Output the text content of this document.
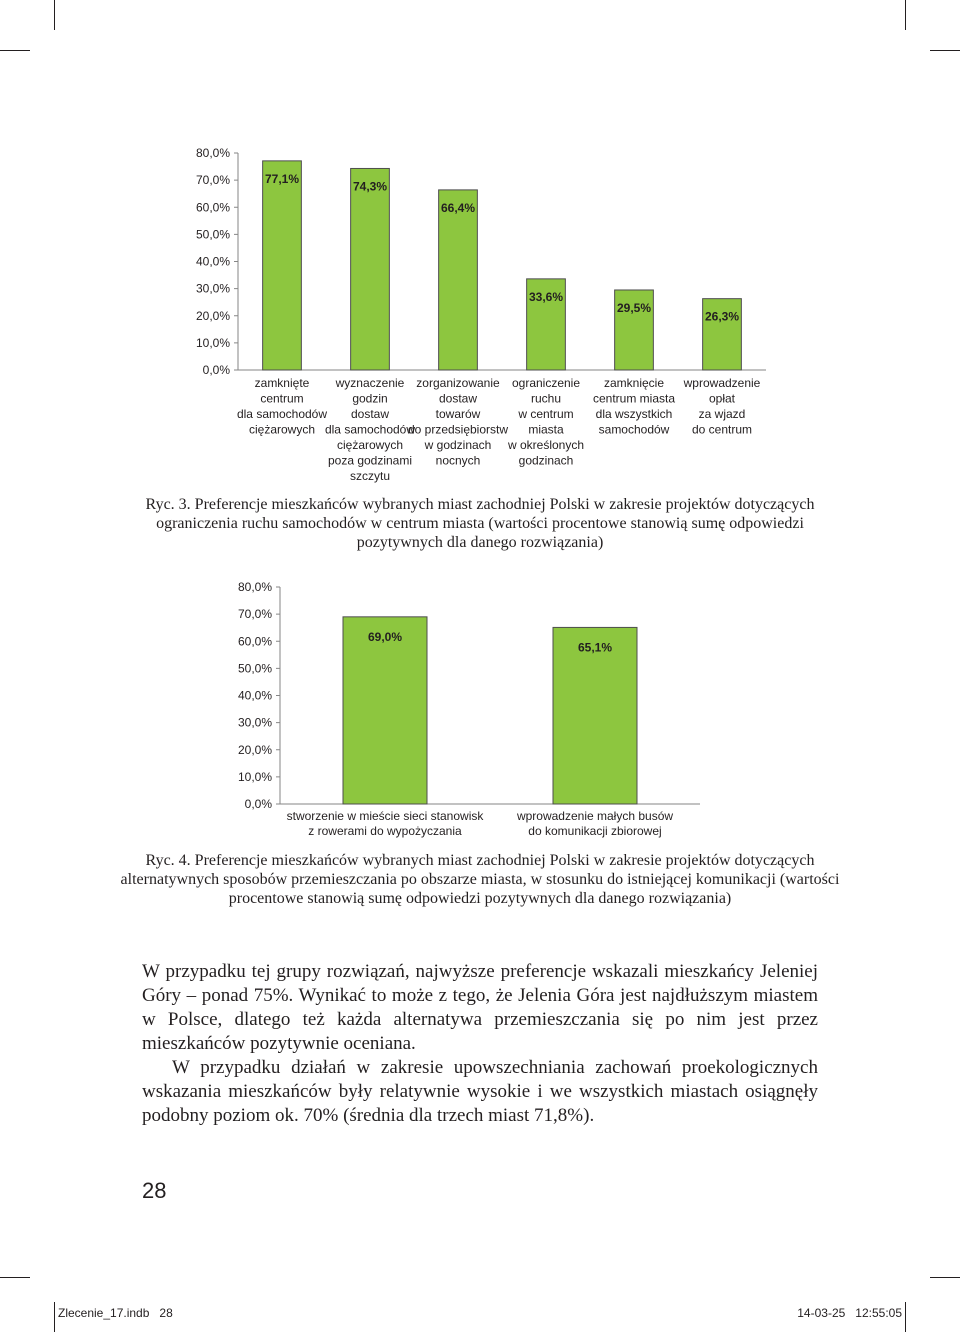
0,0%
10,0%
20,0%
30,0%
40,0%
50,0%
60,0%
70,0%
80,0%
77,1%
zamknięte
centrum
dla samochodów
ciężarowych
74,3%
wyznaczenie
godzin
dostaw
dla samochodów
ciężarowych
poza godzinami
szczytu
66,4%
zorganizowanie
dostaw
towarów
do przedsiębiorstw
w godzinach
nocnych
33,6%
ograniczenie
ruchu
w centrum
miasta
w określonych
godzinach
29,5%
zamknięcie
centrum miasta
dla wszystkich
samochodów
26,3%
wprowadzenie
opłat
za wjazd
do centrum

Ryc. 3. Preferencje mieszkańców wybranych miast zachodniej Polski w zakresie projektów dotyczących ograniczenia ruchu samochodów w centrum miasta (wartości procentowe stanowią sumę odpowiedzi pozytywnych dla danego rozwiązania)

0,0%
10,0%
20,0%
30,0%
40,0%
50,0%
60,0%
70,0%
80,0%
69,0%
stworzenie w mieście sieci stanowisk
z rowerami do wypożyczania
65,1%
wprowadzenie małych busów
do komunikacji zbiorowej

Ryc. 4. Preferencje mieszkańców wybranych miast zachodniej Polski w zakresie projektów dotyczących alternatywnych sposobów przemieszczania po obszarze miasta, w stosunku do istniejącej komunikacji (wartości procentowe stanowią sumę odpowiedzi pozytywnych dla danego rozwiązania)

W przypadku tej grupy rozwiązań, najwyższe preferencje wskazali mieszkańcy Jeleniej Góry – ponad 75%. Wynikać to może z tego, że Jelenia Góra jest najdłuższym miastem w Polsce, dlatego też każda alternatywa przemieszczania się po nim jest przez mieszkańców pozytywnie oceniana.

W przypadku działań w zakresie upowszechniania zachowań proekologicznych wskazania mieszkańców były relatywnie wysokie i we wszystkich miastach osiągnęły podobny poziom ok. 70% (średnia dla trzech miast 71,8%).

28

Zlecenie_17.indb   28	14-03-25   12:55:05
